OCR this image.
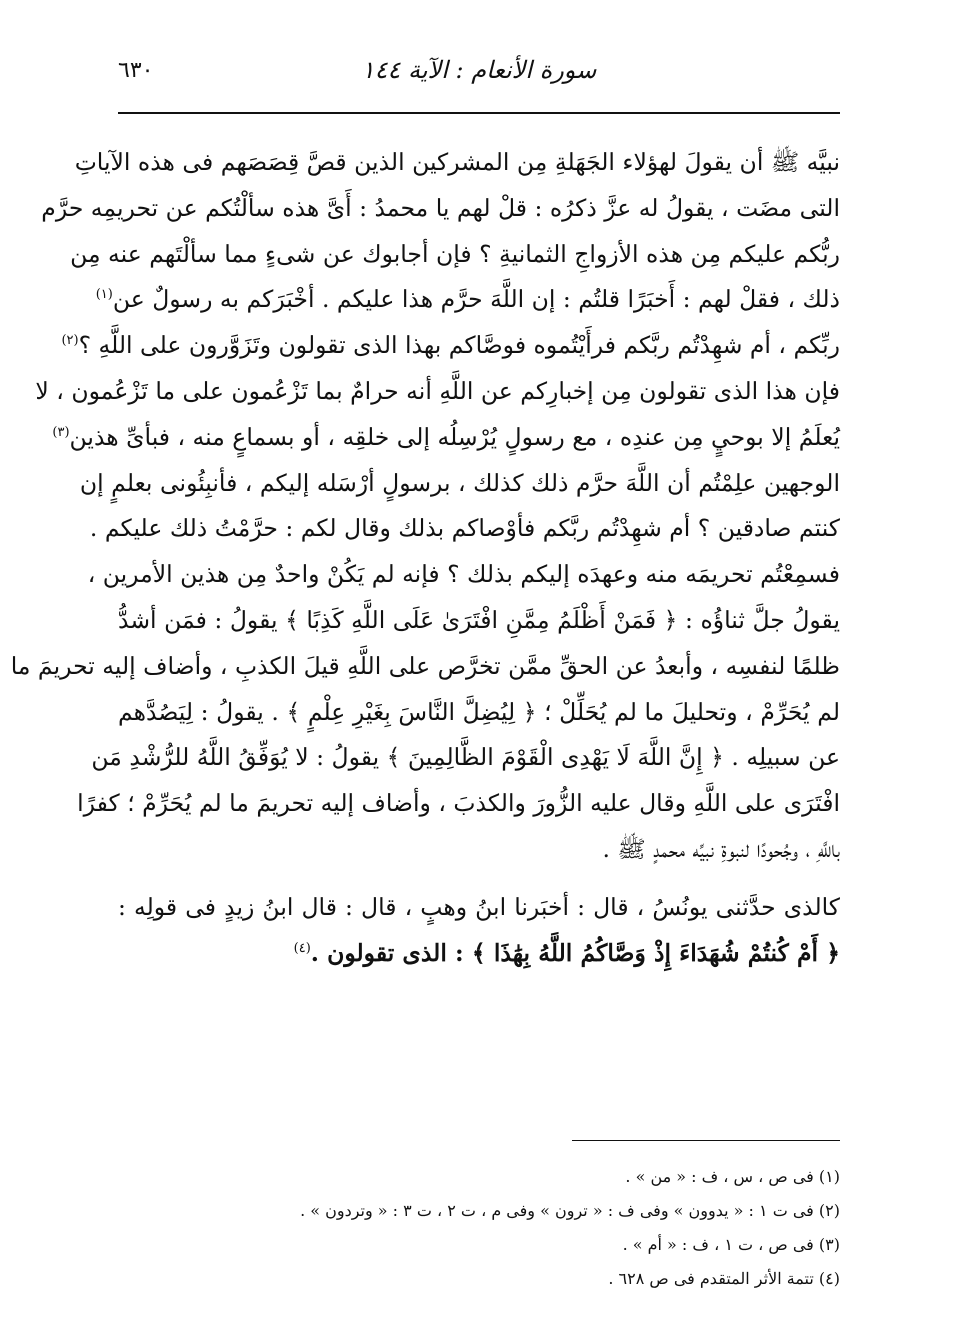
سورة الأنعام : الآية ١٤٤
٦٣٠
نبيَّه ﷺ أن يقولَ لهؤلاء الجَهَلةِ مِن المشركين الذين قصَّ قِصَصَهم فى هذه الآياتِ
التى مضَت ، يقولُ له عزَّ ذكرُه : قلْ لهم يا محمدُ : أَىَّ هذه سألْتُكم عن تحريمِه حرَّم
ربُّكم عليكم مِن هذه الأزواجِ الثمانيةِ ؟ فإن أجابوك عن شىءٍ مما سألْتَهم عنه مِن
ذلك ، فقلْ لهم : أَخبَرًا قلتُم : إن اللَّهَ حرَّم هذا عليكم . أخْبَرَكم به رسولٌ عن$^{(١)}$
ربِّكم ، أم شهِدْتُم ربَّكم فرأَيْتُموه فوصَّاكم بهذا الذى تقولون وتَزَوَّرون على اللَّهِ ؟$^{(٢)}$
فإن هذا الذى تقولون مِن إخبارِكم عن اللَّهِ أنه حرامٌ بما تَزْعُمون على ما تَزْعُمون ، لا
يُعلَمُ إلا بوحيٍ مِن عندِه ، مع رسولٍ يُرْسِلُه إلى خلقِه ، أو بسماعٍ منه ، فبأىِّ هذين$^{(٣)}$
الوجهين علِمْتُم أن اللَّهَ حرَّم ذلك كذلك ، برسولٍ أرْسَله إليكم ، فأنبِئُونى بعلمٍ إن
كنتم صادقين ؟ أم شهِدْتُم ربَّكم فأوْصاكم بذلك وقال لكم : حرَّمْتُ ذلك عليكم .
فسمِعْتُم تحريمَه منه وعهدَه إليكم بذلك ؟ فإنه لم يَكُنْ واحدٌ مِن هذين الأمرين ،
يقولُ جلَّ ثناؤُه : ﴿ فَمَنْ أَظْلَمُ مِمَّنِ افْتَرَىٰ عَلَى اللَّهِ كَذِبًا ﴾ يقولُ : فمَن أشدُّ
ظلمًا لنفسِه ، وأبعدُ عن الحقِّ ممَّن تخرَّص على اللَّهِ قيلَ الكذبِ ، وأضاف إليه تحريمَ ما
لم يُحَرِّمْ ، وتحليلَ ما لم يُحَلِّلْ ؛ ﴿ لِيُضِلَّ النَّاسَ بِغَيْرِ عِلْمٍ ﴾ . يقولُ : لِيَصُدَّهم
عن سبيلِه . ﴿ إِنَّ اللَّهَ لَا يَهْدِى الْقَوْمَ الظَّالِمِينَ ﴾ يقولُ : لا يُوَفِّقُ اللَّهُ للرُّشْدِ مَن
افْتَرَى على اللَّهِ وقال عليه الزُّورَ والكذبَ ، وأضاف إليه تحريمَ ما لم يُحَرِّمْ ؛ كفرًا
باللَّهِ ، وجُحودًا لنبوةِ نبيِّه محمدٍ ﷺ .
كالذى حدَّثنى يونُسُ ، قال : أخبَرنا ابنُ وهبٍ ، قال : قال ابنُ زيدٍ فى قولِه :
﴿ أَمْ كُنتُمْ شُهَدَاءَ إِذْ وَصَّاكُمُ اللَّهُ بِهَٰذَا ﴾ : الذى تقولون .$^{(٤)}$
(١) فى ص ، س ، ف : « من » .
(٢) فى ت ١ : « يدوون » وفى ف : « ترون » وفى م ، ت ٢ ، ت ٣ : « وتردون » .
(٣) فى ص ، ت ١ ، ف : « أم » .
(٤) تتمة الأثر المتقدم فى ص ٦٢٨ .
